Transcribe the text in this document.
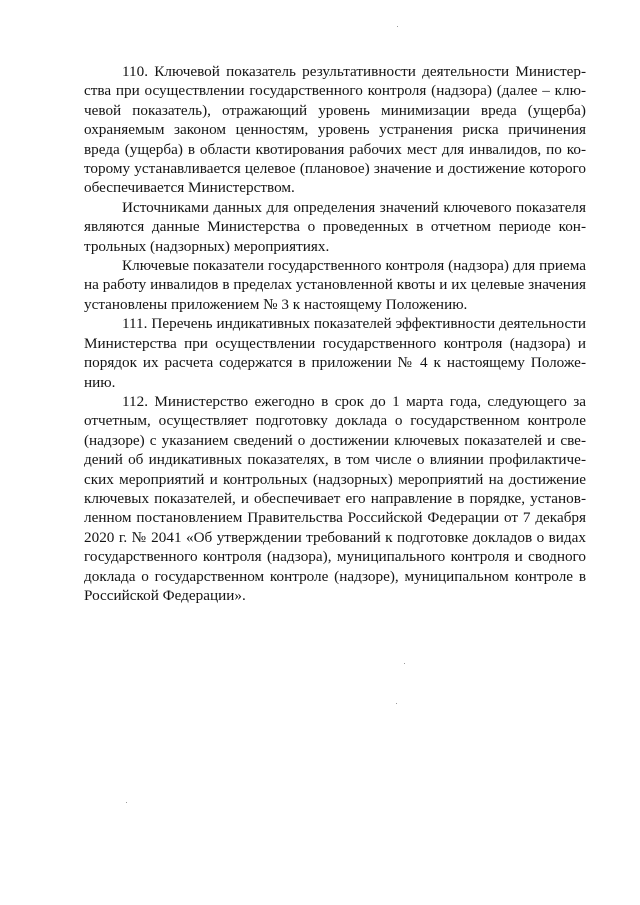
110. Ключевой показатель результативности деятельности Министерства при осуществлении государственного контроля (надзора) (далее – ключевой показатель), отражающий уровень минимизации вреда (ущерба) охраняемым законом ценностям, уровень устранения риска причинения вреда (ущерба) в области квотирования рабочих мест для инвалидов, по которому устанавливается целевое (плановое) значение и достижение которого обеспечивается Министерством.

Источниками данных для определения значений ключевого показателя являются данные Министерства о проведенных в отчетном периоде контрольных (надзорных) мероприятиях.

Ключевые показатели государственного контроля (надзора) для приема на работу инвалидов в пределах установленной квоты и их целевые значения установлены приложением № 3 к настоящему Положению.

111. Перечень индикативных показателей эффективности деятельности Министерства при осуществлении государственного контроля (надзора) и порядок их расчета содержатся в приложении № 4 к настоящему Положению.

112. Министерство ежегодно в срок до 1 марта года, следующего за отчетным, осуществляет подготовку доклада о государственном контроле (надзоре) с указанием сведений о достижении ключевых показателей и сведений об индикативных показателях, в том числе о влиянии профилактических мероприятий и контрольных (надзорных) мероприятий на достижение ключевых показателей, и обеспечивает его направление в порядке, установленном постановлением Правительства Российской Федерации от 7 декабря 2020 г. № 2041 «Об утверждении требований к подготовке докладов о видах государственного контроля (надзора), муниципального контроля и сводного доклада о государственном контроле (надзоре), муниципальном контроле в Российской Федерации».
